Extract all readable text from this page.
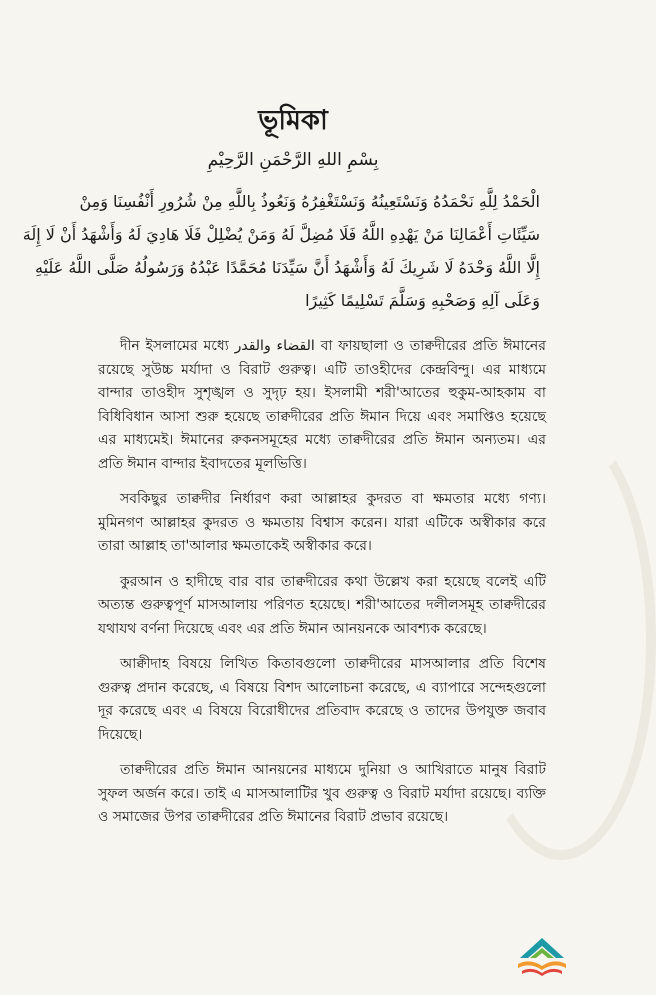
ভূমিকা
بِسْمِ اللهِ الرَّحْمَنِ الرَّحِيْمِ
الْحَمْدُ لِلَّهِ نَحْمَدُهُ وَنَسْتَعِينُهُ وَنَسْتَغْفِرُهُ وَنَعُوذُ بِاللَّهِ مِنْ شُرُورِ أَنْفُسِنَا وَمِنْ
سَيِّئَاتِ أَعْمَالِنَا مَنْ يَهْدِهِ اللَّهُ فَلَا مُضِلَّ لَهُ وَمَنْ يُضْلِلْ فَلَا هَادِيَ لَهُ وَأَشْهَدُ أَنْ لَا إِلَهَ
إِلَّا اللَّهُ وَحْدَهُ لَا شَرِيكَ لَهُ وَأَشْهَدُ أَنَّ سَيِّدَنَا مُحَمَّدًا عَبْدُهُ وَرَسُولُهُ صَلَّى اللَّهُ عَلَيْهِ
وَعَلَى آلِهِ وَصَحْبِهِ وَسَلَّمَ تَسْلِيمًا كَثِيرًا

দীন ইসলামের মধ্যে القضاء والقدر বা ফায়ছালা ও তাক্বদীরের প্রতি ঈমানের রয়েছে সুউচ্চ মর্যাদা ও বিরাট গুরুত্ব। এটি তাওহীদের কেন্দ্রবিন্দু। এর মাধ্যমে বান্দার তাওহীদ সুশৃঙ্খল ও সুদৃঢ় হয়। ইসলামী শরী'আতের হুকুম-আহকাম বা বিধিবিধান আসা শুরু হয়েছে তাক্বদীরের প্রতি ঈমান দিয়ে এবং সমাপ্তিও হয়েছে এর মাধ্যমেই। ঈমানের রুকনসমূহের মধ্যে তাক্বদীরের প্রতি ঈমান অন্যতম। এর প্রতি ঈমান বান্দার ইবাদতের মূলভিত্তি।

সবকিছুর তাক্বদীর নির্ধারণ করা আল্লাহর কুদরত বা ক্ষমতার মধ্যে গণ্য। মুমিনগণ আল্লাহর কুদরত ও ক্ষমতায় বিশ্বাস করেন। যারা এটিকে অস্বীকার করে তারা আল্লাহ তা'আলার ক্ষমতাকেই অস্বীকার করে।

কুরআন ও হাদীছে বার বার তাক্বদীরের কথা উল্লেখ করা হয়েছে বলেই এটি অত্যন্ত গুরুত্বপূর্ণ মাসআলায় পরিণত হয়েছে। শরী'আতের দলীলসমূহ তাক্বদীরের যথাযথ বর্ণনা দিয়েছে এবং এর প্রতি ঈমান আনয়নকে আবশ্যক করেছে।

আক্বীদাহ বিষয়ে লিখিত কিতাবগুলো তাক্বদীরের মাসআলার প্রতি বিশেষ গুরুত্ব প্রদান করেছে, এ বিষয়ে বিশদ আলোচনা করেছে, এ ব্যাপারে সন্দেহগুলো দূর করেছে এবং এ বিষয়ে বিরোধীদের প্রতিবাদ করেছে ও তাদের উপযুক্ত জবাব দিয়েছে।

তাক্বদীরের প্রতি ঈমান আনয়নের মাধ্যমে দুনিয়া ও আখিরাতে মানুষ বিরাট সুফল অর্জন করে। তাই এ মাসআলাটির খুব গুরুত্ব ও বিরাট মর্যাদা রয়েছে। ব্যক্তি ও সমাজের উপর তাক্বদীরের প্রতি ঈমানের বিরাট প্রভাব রয়েছে।
